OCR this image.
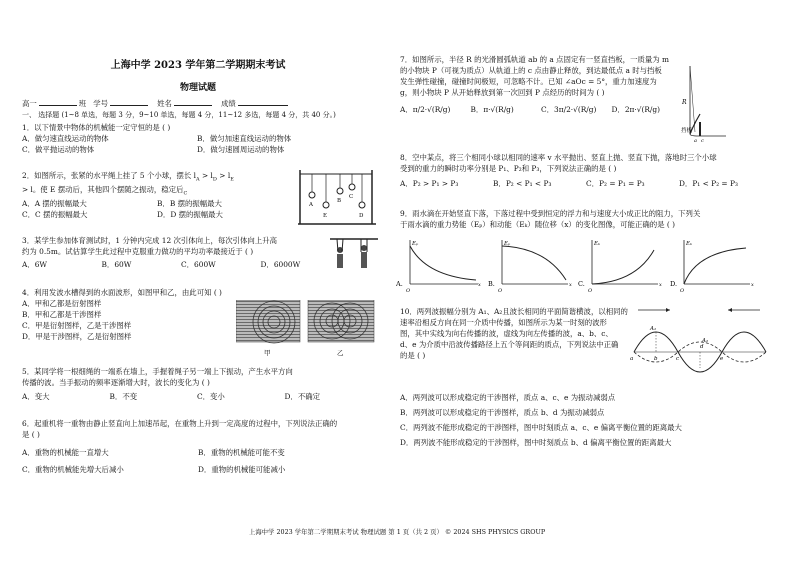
上海中学 2023 学年第二学期期末考试
物理试题
高一	班 学号	姓名	成绩
一、 选择题 (1~8 单选，每题 3 分，9~10 单选，每题 4 分，11~12 多选，每题 4 分，共 40 分。)
1．以下情景中物体的机械能一定守恒的是 ( )
A．做匀速直线运动的物体	B．做匀加速直线运动的物体
C．做平抛运动的物体	D．做匀速圆周运动的物体
2．如图所示，张紧的水平绳上挂了 5 个小球，摆长 $l_A > l_D > l_E$
> l。使 E 摆动后，其他四个摆随之振动，稳定后$_C$
A．A 摆的振幅最大	B．B 摆的振幅最大
C．C 摆的振幅最大	D．D 摆的振幅最大
A
E
B
C
D
3．某学生参加体育测试时，1 分钟内完成 12 次引体向上，每次引体向上升高
约为 0.5m。试估算学生此过程中克服重力做功的平均功率最接近于 ( )
A．6W	B．60W	C．600W	D．6000W
4．利用发波水槽得到的水面波形，如图甲和乙，由此可知 ( )
A．甲和乙都是衍射图样
B．甲和乙都是干涉图样
C．甲是衍射图样，乙是干涉图样
D．甲是干涉图样，乙是衍射图样
甲	乙
5．某同学将一根细绳的一端系在墙上，手握着绳子另一端上下振动，产生水平方向
传播的波。当手振动的频率逐渐增大时，波长的变化为 ( )
A．变大	B．不变	C．变小	D．不确定
6．起重机将一重物由静止竖直向上加速吊起，在重物上升到一定高度的过程中，下列说法正确的
是 ( )
A．重物的机械能一直增大	B．重物的机械能可能不变
C．重物的机械能先增大后减小	D．重物的机械能可能减小
7．如图所示，半径 R 的光滑圆弧轨道 ab 的 a 点固定有一竖直挡板，一质量为 m
的小物块 P（可视为质点）从轨道上的 c 点由静止释放，到达最低点 a 时与挡板
发生弹性碰撞，碰撞时间极短，可忽略不计。已知 ∠aOc = 5°，重力加速度为
g，则小物块 P 从开始释放到第一次回到 P 点经历的时间为 ( )
A．π/2·√(R/g)	B．π·√(R/g)	C．3π/2·√(R/g)	D．2π·√(R/g)
R
挡板
a c
8．空中某点，将三个相同小球以相同的速率 v 水平抛出、竖直上抛、竖直下抛，落地时三个小球
受到的重力的瞬时功率分别是 P₁、P₂和 P₃，下列说法正确的是 ( )
A．P₂ > P₁ > P₃	B．P₂ < P₁ < P₃	C．P₂ = P₁ = P₃	D．P₁ < P₂ = P₃
9．雨水滴在开始竖直下落，下落过程中受到恒定的浮力和与速度大小成正比的阻力，下列关
于雨水滴的重力势能（Eₚ）和动能（Eₖ）随位移（x）的变化图像，可能正确的是 ( )
Eₚ
A.
O
x
Eₚ
B.
O
x
Eₖ
C.
O
x
Eₖ
D.
O
x
10．两列波振幅分别为 A₁、A₂且波长相同的平面简谐横波，以相同的
速率沿相反方向在同一介质中传播，如图所示为某一时刻的波形
图，其中实线为向右传播的波，虚线为向左传播的波，a、b、c、
d、e 为介质中沿波传播路径上五个等间距的质点，下列说法中正确
的是 ( )
A．两列波可以形成稳定的干涉图样，质点 a、c、e 为振动减弱点
B．两列波可以形成稳定的干涉图样，质点 b、d 为振动减弱点
C．两列波不能形成稳定的干涉图样，图中时刻质点 a、c、e 偏离平衡位置的距离最大
D．两列波不能形成稳定的干涉图样，图中时刻质点 b、d 偏离平衡位置的距离最大
A₁
A₂
a	b	c
d
e
上海中学 2023 学年第二学期期末考试 物理试题 第 1 页（共 2 页） © 2024 SHS PHYSICS GROUP
